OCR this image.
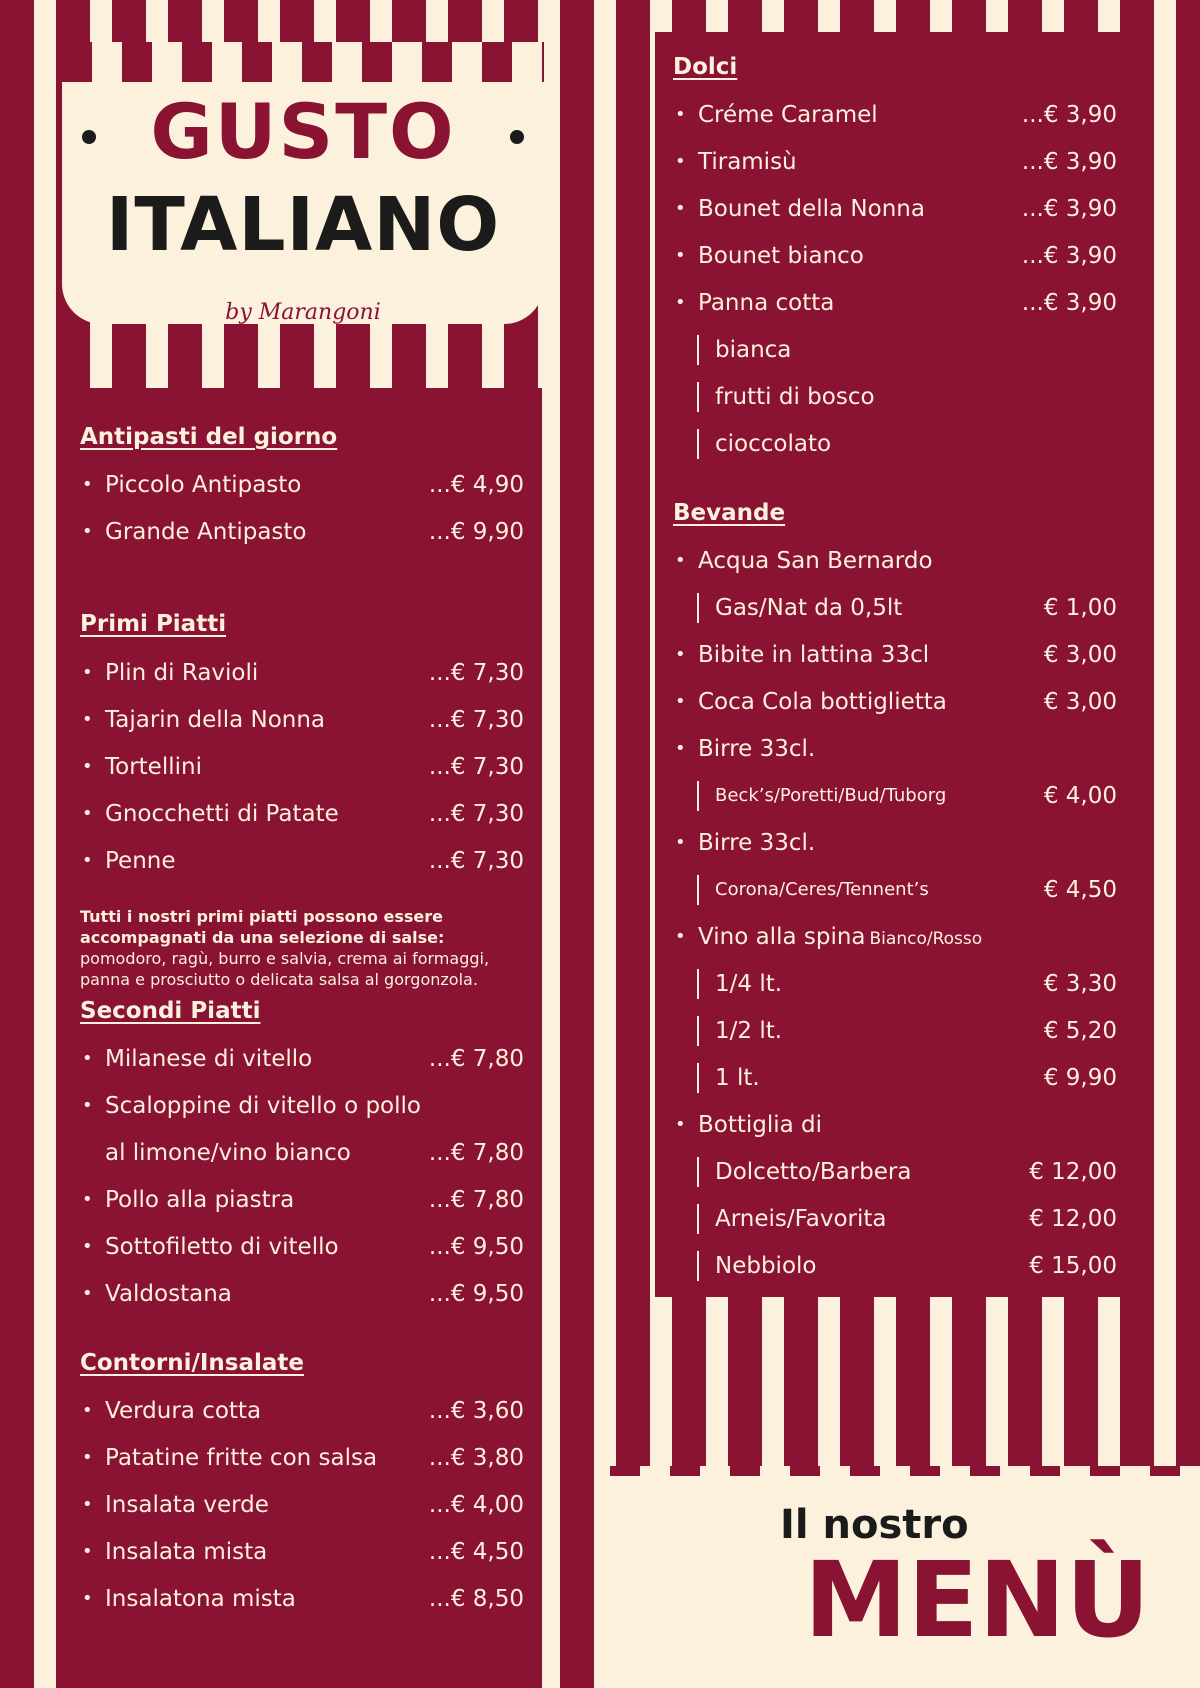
GUSTO
ITALIANO
by Marangoni
Antipasti del giorno
• Piccolo Antipasto	...€ 4,90
• Grande Antipasto	...€ 9,90
Primi Piatti
• Plin di Ravioli	...€ 7,30
• Tajarin della Nonna	...€ 7,30
• Tortellini	...€ 7,30
• Gnocchetti di Patate	...€ 7,30
• Penne	...€ 7,30
Tutti i nostri primi piatti possono essere accompagnati da una selezione di salse: pomodoro, ragù, burro e salvia, crema ai formaggi, panna e prosciutto o delicata salsa al gorgonzola.
Secondi Piatti
• Milanese di vitello	...€ 7,80
• Scaloppine di vitello o pollo
al limone/vino bianco	...€ 7,80
• Pollo alla piastra	...€ 7,80
• Sottofiletto di vitello	...€ 9,50
• Valdostana	...€ 9,50
Contorni/Insalate
• Verdura cotta	...€ 3,60
• Patatine fritte con salsa ...€ 3,80
• Insalata verde	...€ 4,00
• Insalata mista	...€ 4,50
• Insalatona mista	...€ 8,50
Dolci
• Créme Caramel	...€ 3,90
• Tiramisù	...€ 3,90
• Bounet della Nonna	...€ 3,90
• Bounet bianco	...€ 3,90
• Panna cotta	...€ 3,90
bianca
frutti di bosco
cioccolato
Bevande
• Acqua San Bernardo
Gas/Nat da 0,5lt	€ 1,00
• Bibite in lattina 33cl	€ 3,00
• Coca Cola bottiglietta	€ 3,00
• Birre 33cl.
Beck’s/Poretti/Bud/Tuborg	€ 4,00
• Birre 33cl.
Corona/Ceres/Tennent’s	€ 4,50
• Vino alla spina Bianco/Rosso
1/4 lt.	€ 3,30
1/2 lt.	€ 5,20
1 lt.	€ 9,90
• Bottiglia di
Dolcetto/Barbera	€ 12,00
Arneis/Favorita	€ 12,00
Nebbiolo	€ 15,00
Il nostro
MENÙ
